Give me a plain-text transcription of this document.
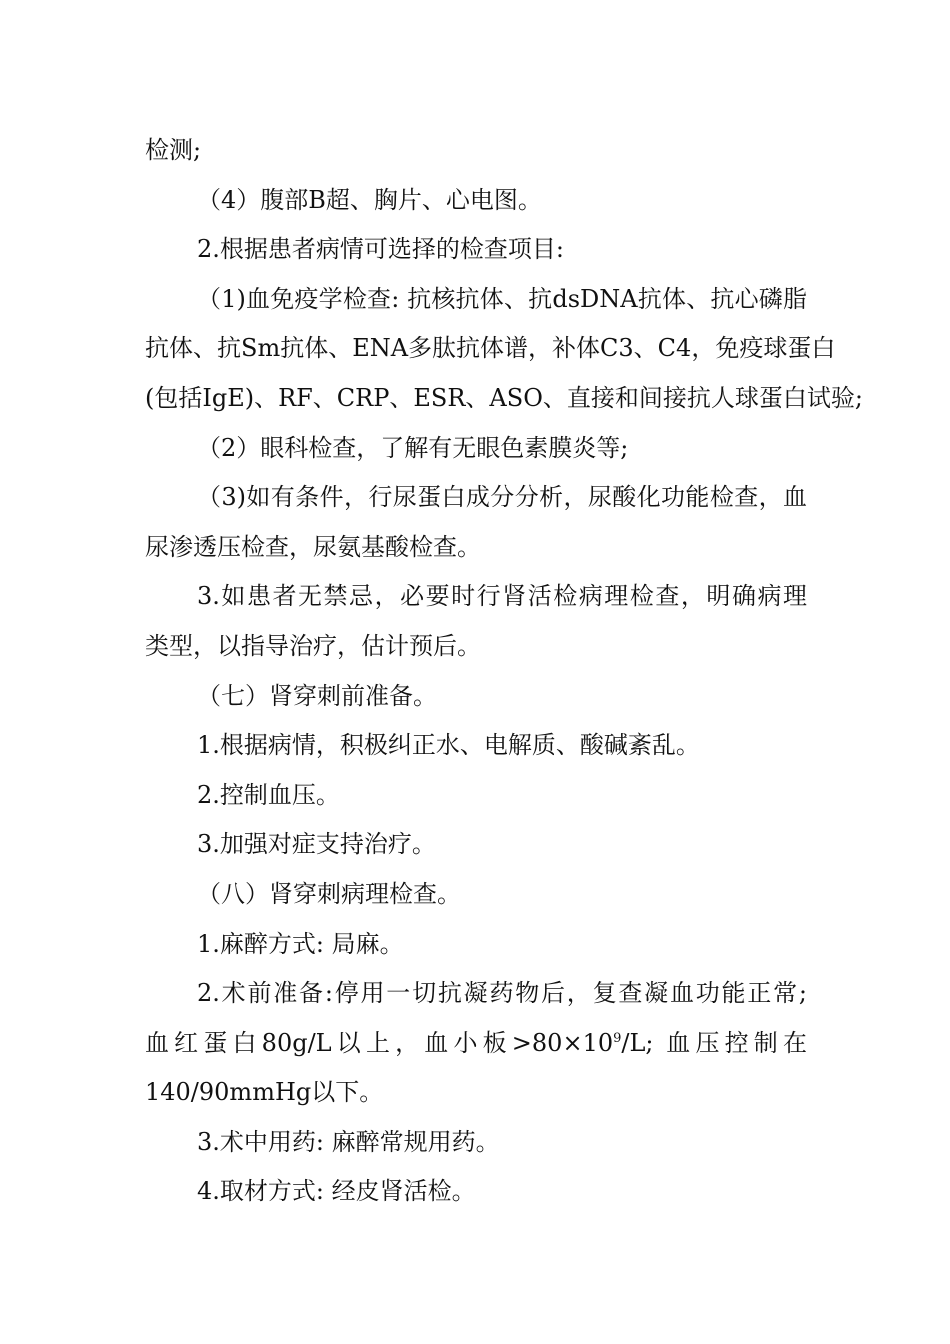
检测;
（4）腹部B超、胸片、心电图。
2.根据患者病情可选择的检查项目:
（1)血免疫学检查: 抗核抗体、抗dsDNA抗体、抗心磷脂
抗体、抗Sm抗体、ENA多肽抗体谱，补体C3、C4，免疫球蛋白
(包括IgE)、RF、CRP、ESR、ASO、直接和间接抗人球蛋白试验;
（2）眼科检查，了解有无眼色素膜炎等;
（3)如有条件，行尿蛋白成分分析，尿酸化功能检查，血
尿渗透压检查，尿氨基酸检查。
3.如患者无禁忌，必要时行肾活检病理检查，明确病理
类型，以指导治疗，估计预后。
（七）肾穿刺前准备。
1.根据病情，积极纠正水、电解质、酸碱紊乱。
2.控制血压。
3.加强对症支持治疗。
（八）肾穿刺病理检查。
1.麻醉方式: 局麻。
2.术前准备:停用一切抗凝药物后，复查凝血功能正常;
血红蛋白80g/L以上，血小板$>80\times 10^9/L$; 血压控制在
140/90mmHg以下。
3.术中用药: 麻醉常规用药。
4.取材方式: 经皮肾活检。
